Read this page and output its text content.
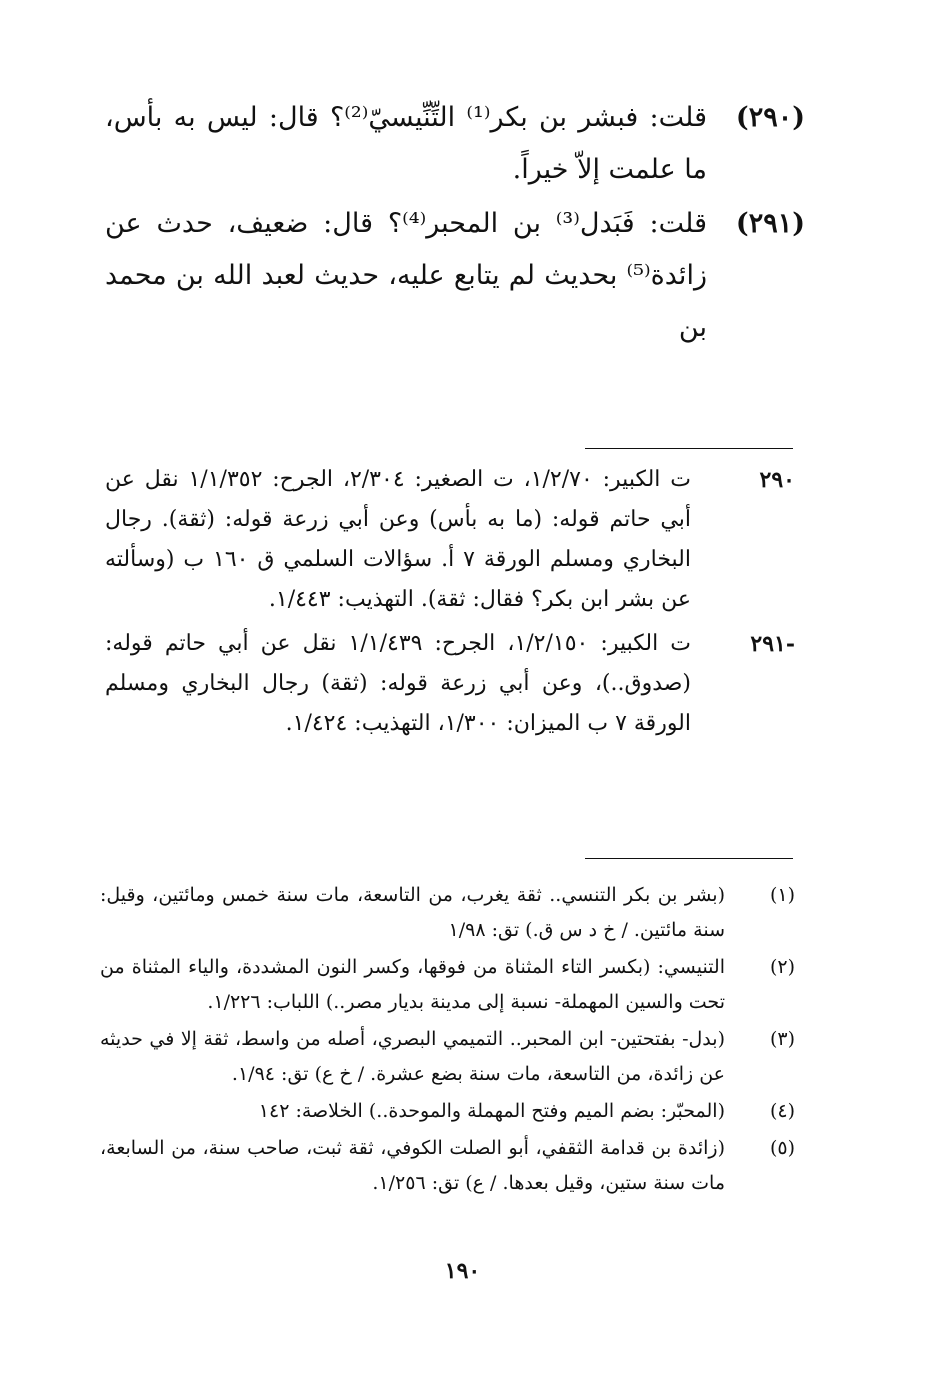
(٢٩٠)
قلت: فبشر بن بكر⁽¹⁾ التِّنِّيسيّ⁽²⁾؟ قال: ليس به بأس، ما علمت إلاّ خيراً.
(٢٩١)
قلت: فَبَدل⁽³⁾ بن المحبر⁽⁴⁾؟ قال: ضعيف، حدث عن زائدة⁽⁵⁾ بحديث لم يتابع عليه، حديث لعبد الله بن محمد بن
٢٩٠
ت الكبير: ١/٢/٧٠، ت الصغير: ٢/٣٠٤، الجرح: ١/١/٣٥٢ نقل عن أبي حاتم قوله: (ما به بأس) وعن أبي زرعة قوله: (ثقة). رجال البخاري ومسلم الورقة ٧ أ. سؤالات السلمي ق ١٦٠ ب (وسألته عن بشر ابن بكر؟ فقال: ثقة). التهذيب: ١/٤٤٣.
-٢٩١
ت الكبير: ١/٢/١٥٠، الجرح: ١/١/٤٣٩ نقل عن أبي حاتم قوله: (صدوق..)، وعن أبي زرعة قوله: (ثقة) رجال البخاري ومسلم الورقة ٧ ب الميزان: ١/٣٠٠، التهذيب: ١/٤٢٤.
(١)
(بشر بن بكر التنسي.. ثقة يغرب، من التاسعة، مات سنة خمس ومائتين، وقيل: سنة مائتين. / خ د س ق.) تق: ١/٩٨
(٢)
التنيسي: (بكسر التاء المثناة من فوقها، وكسر النون المشددة، والياء المثناة من تحت والسين المهملة- نسبة إلى مدينة بديار مصر..) اللباب: ١/٢٢٦.
(٣)
(بدل- بفتحتين- ابن المحبر.. التميمي البصري، أصله من واسط، ثقة إلا في حديثه عن زائدة، من التاسعة، مات سنة بضع عشرة. / خ ع) تق: ١/٩٤.
(٤)
(المحبّر: بضم الميم وفتح المهملة والموحدة..) الخلاصة: ١٤٢
(٥)
(زائدة بن قدامة الثقفي، أبو الصلت الكوفي، ثقة ثبت، صاحب سنة، من السابعة، مات سنة ستين، وقيل بعدها. / ع) تق: ١/٢٥٦.
١٩٠
